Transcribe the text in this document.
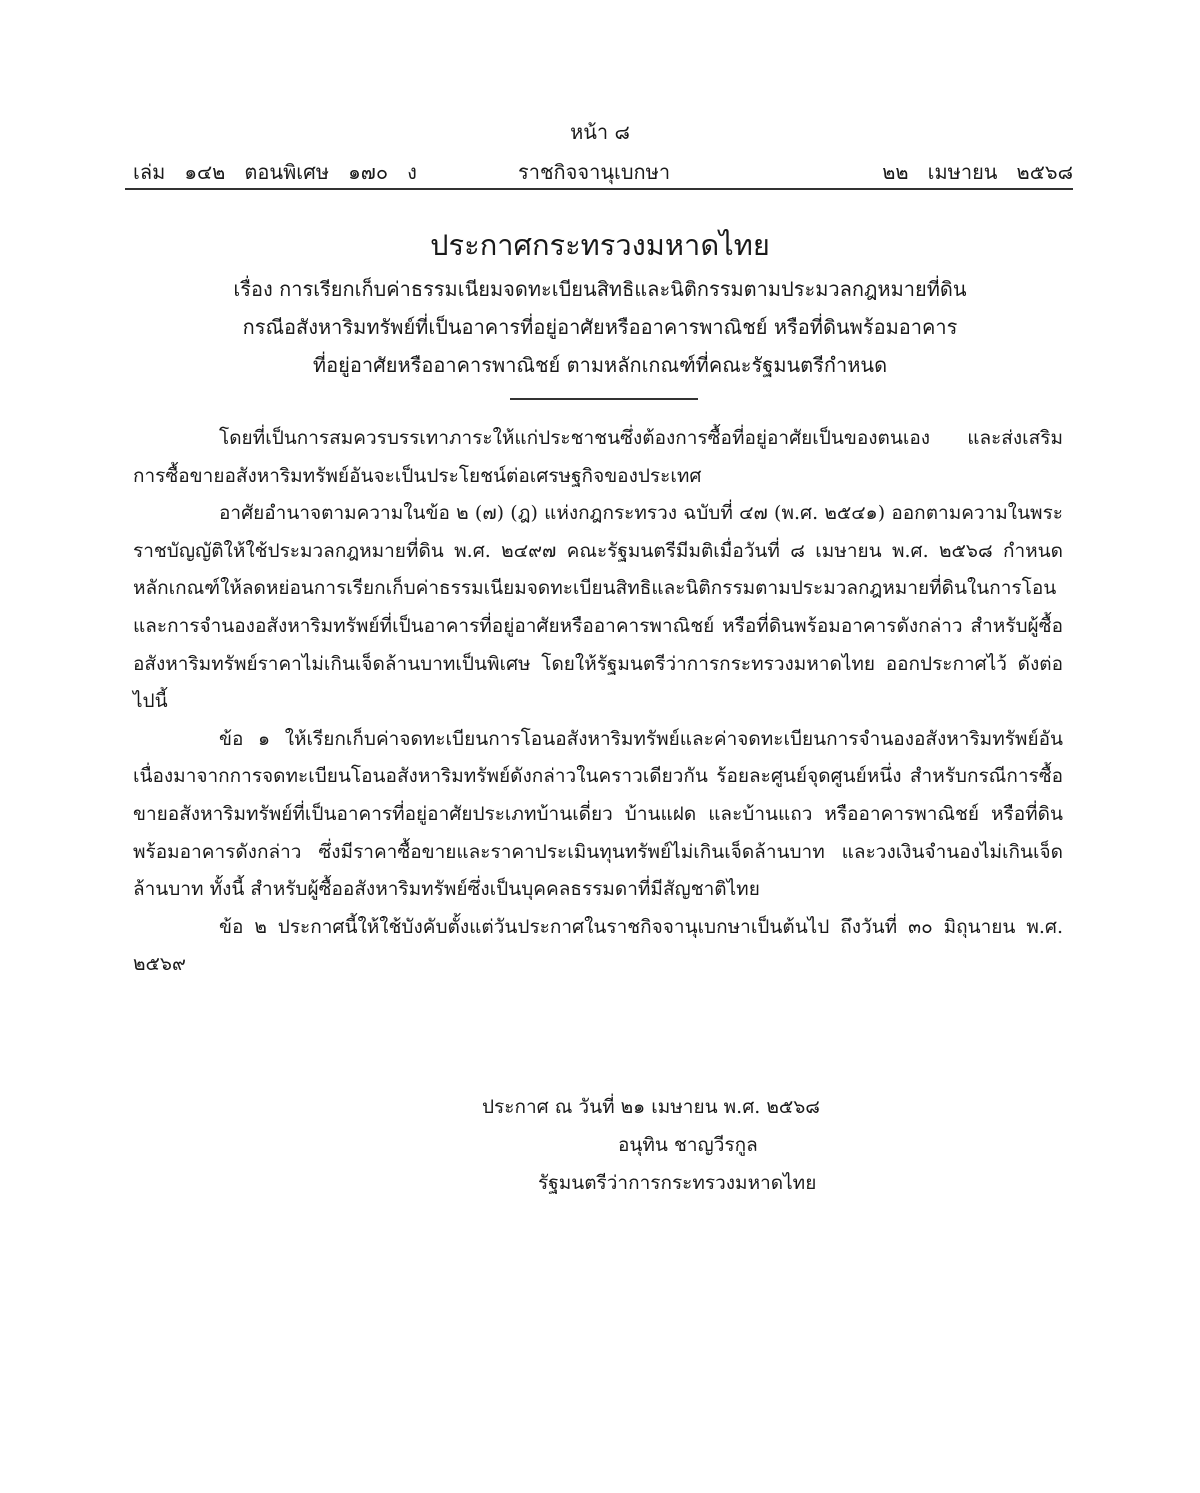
หน้า ๘
เล่ม   ๑๔๒   ตอนพิเศษ   ๑๗๐   ง	ราชกิจจานุเบกษา	๒๒   เมษายน   ๒๕๖๘
ประกาศกระทรวงมหาดไทย
เรื่อง การเรียกเก็บค่าธรรมเนียมจดทะเบียนสิทธิและนิติกรรมตามประมวลกฎหมายที่ดิน
กรณีอสังหาริมทรัพย์ที่เป็นอาคารที่อยู่อาศัยหรืออาคารพาณิชย์ หรือที่ดินพร้อมอาคาร
ที่อยู่อาศัยหรืออาคารพาณิชย์ ตามหลักเกณฑ์ที่คณะรัฐมนตรีกำหนด

โดยที่เป็นการสมควรบรรเทาภาระให้แก่ประชาชนซึ่งต้องการซื้อที่อยู่อาศัยเป็นของตนเอง และส่งเสริมการซื้อขายอสังหาริมทรัพย์อันจะเป็นประโยชน์ต่อเศรษฐกิจของประเทศ

อาศัยอำนาจตามความในข้อ ๒ (๗) (ฎ) แห่งกฎกระทรวง ฉบับที่ ๔๗ (พ.ศ. ๒๕๔๑) ออกตามความในพระราชบัญญัติให้ใช้ประมวลกฎหมายที่ดิน พ.ศ. ๒๔๙๗ คณะรัฐมนตรีมีมติเมื่อวันที่ ๘ เมษายน พ.ศ. ๒๕๖๘ กำหนดหลักเกณฑ์ให้ลดหย่อนการเรียกเก็บค่าธรรมเนียมจดทะเบียนสิทธิและนิติกรรมตามประมวลกฎหมายที่ดินในการโอนและการจำนองอสังหาริมทรัพย์ที่เป็นอาคารที่อยู่อาศัยหรืออาคารพาณิชย์ หรือที่ดินพร้อมอาคารดังกล่าว สำหรับผู้ซื้ออสังหาริมทรัพย์ราคาไม่เกินเจ็ดล้านบาทเป็นพิเศษ โดยให้รัฐมนตรีว่าการกระทรวงมหาดไทย ออกประกาศไว้ ดังต่อไปนี้

ข้อ ๑ ให้เรียกเก็บค่าจดทะเบียนการโอนอสังหาริมทรัพย์และค่าจดทะเบียนการจำนองอสังหาริมทรัพย์อันเนื่องมาจากการจดทะเบียนโอนอสังหาริมทรัพย์ดังกล่าวในคราวเดียวกัน ร้อยละศูนย์จุดศูนย์หนึ่ง สำหรับกรณีการซื้อขายอสังหาริมทรัพย์ที่เป็นอาคารที่อยู่อาศัยประเภทบ้านเดี่ยว บ้านแฝด และบ้านแถว หรืออาคารพาณิชย์ หรือที่ดินพร้อมอาคารดังกล่าว ซึ่งมีราคาซื้อขายและราคาประเมินทุนทรัพย์ไม่เกินเจ็ดล้านบาท และวงเงินจำนองไม่เกินเจ็ดล้านบาท ทั้งนี้ สำหรับผู้ซื้ออสังหาริมทรัพย์ซึ่งเป็นบุคคลธรรมดาที่มีสัญชาติไทย

ข้อ ๒ ประกาศนี้ให้ใช้บังคับตั้งแต่วันประกาศในราชกิจจานุเบกษาเป็นต้นไป ถึงวันที่ ๓๐ มิถุนายน พ.ศ. ๒๕๖๙

ประกาศ ณ วันที่ ๒๑ เมษายน พ.ศ. ๒๕๖๘
อนุทิน ชาญวีรกูล
รัฐมนตรีว่าการกระทรวงมหาดไทย
